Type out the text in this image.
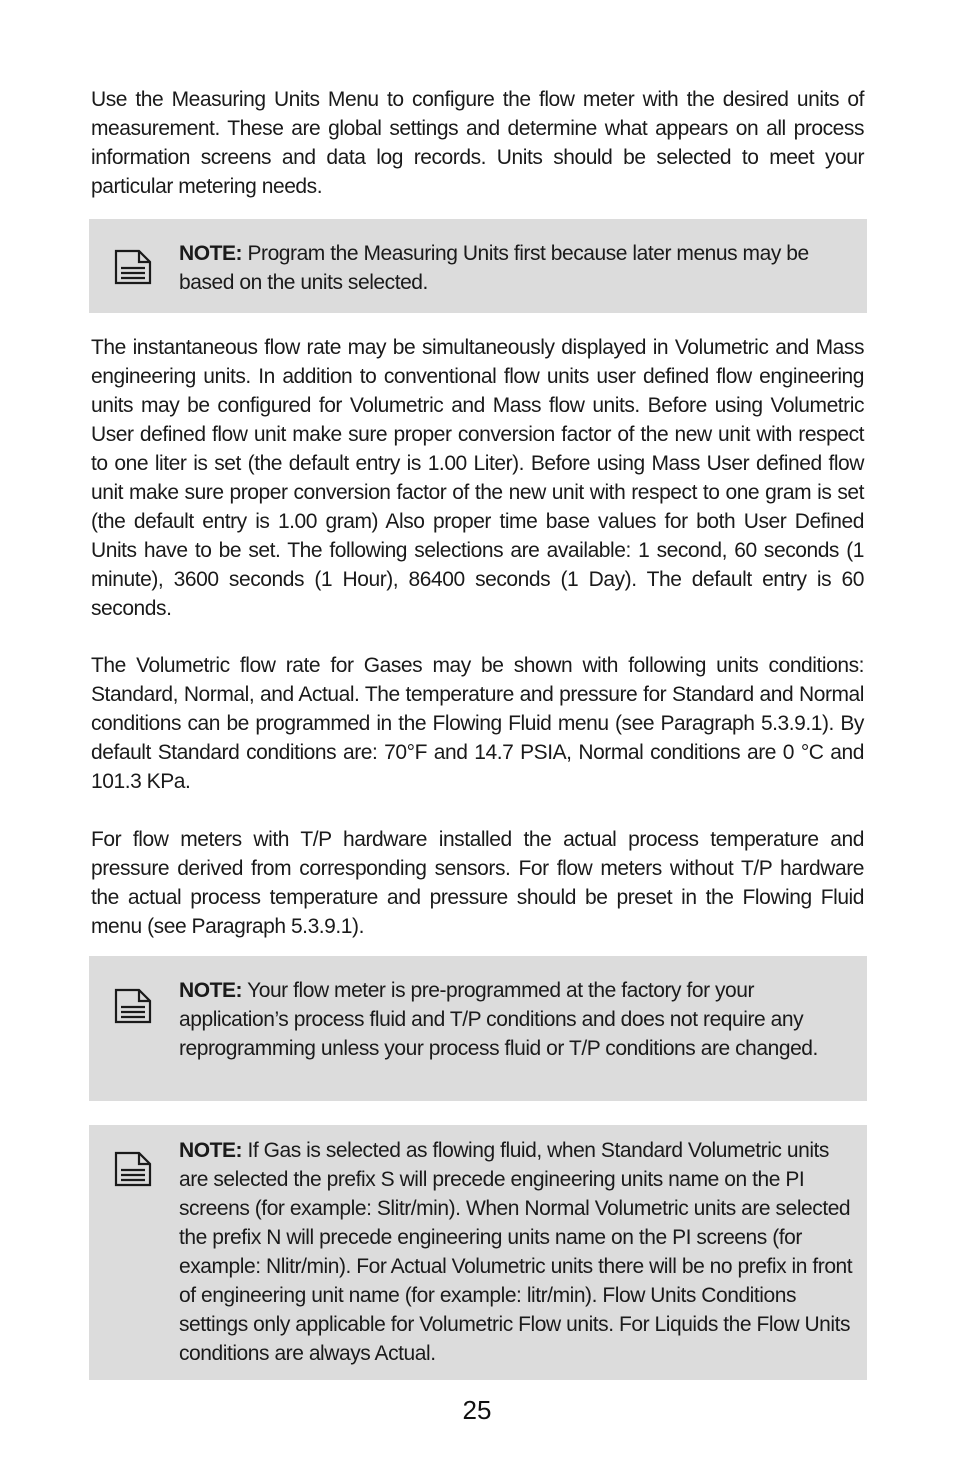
Use the Measuring Units Menu to configure the flow meter with the desired units of measurement. These are global settings and determine what appears on all process information screens and data log records. Units should be selected to meet your particular metering needs.

NOTE: Program the Measuring Units first because later menus may be based on the units selected.

The instantaneous flow rate may be simultaneously displayed in Volumetric and Mass engineering units. In addition to conventional flow units user defined flow engineering units may be configured for Volumetric and Mass flow units. Before using Volumetric User defined flow unit make sure proper conversion factor of the new unit with respect to one liter is set (the default entry is 1.00 Liter). Before using Mass User defined flow unit make sure proper conversion factor of the new unit with respect to one gram is set (the default entry is 1.00 gram) Also proper time base values for both User Defined Units have to be set. The following selections are available: 1 second, 60 seconds (1 minute), 3600 seconds (1 Hour), 86400 seconds (1 Day). The default entry is 60 seconds.

The Volumetric flow rate for Gases may be shown with following units conditions: Standard, Normal, and Actual. The temperature and pressure for Standard and Normal conditions can be programmed in the Flowing Fluid menu (see Paragraph 5.3.9.1). By default Standard conditions are: 70°F and 14.7 PSIA, Normal conditions are 0 °C and 101.3 KPa.

For flow meters with T/P hardware installed the actual process temperature and pressure derived from corresponding sensors. For flow meters without T/P hardware the actual process temperature and pressure should be preset in the Flowing Fluid menu (see Paragraph 5.3.9.1).

NOTE: Your flow meter is pre-programmed at the factory for your application’s process fluid and T/P conditions and does not require any reprogramming unless your process fluid or T/P conditions are changed.

NOTE: If Gas is selected as flowing fluid, when Standard Volumetric units are selected the prefix S will precede engineering units name on the PI screens (for example: Slitr/min). When Normal Volumetric units are selected the prefix N will precede engineering units name on the PI screens (for example: Nlitr/min). For Actual Volumetric units there will be no prefix in front of engineering unit name (for example: litr/min). Flow Units Conditions settings only applicable for Volumetric Flow units. For Liquids the Flow Units conditions are always Actual.

25
